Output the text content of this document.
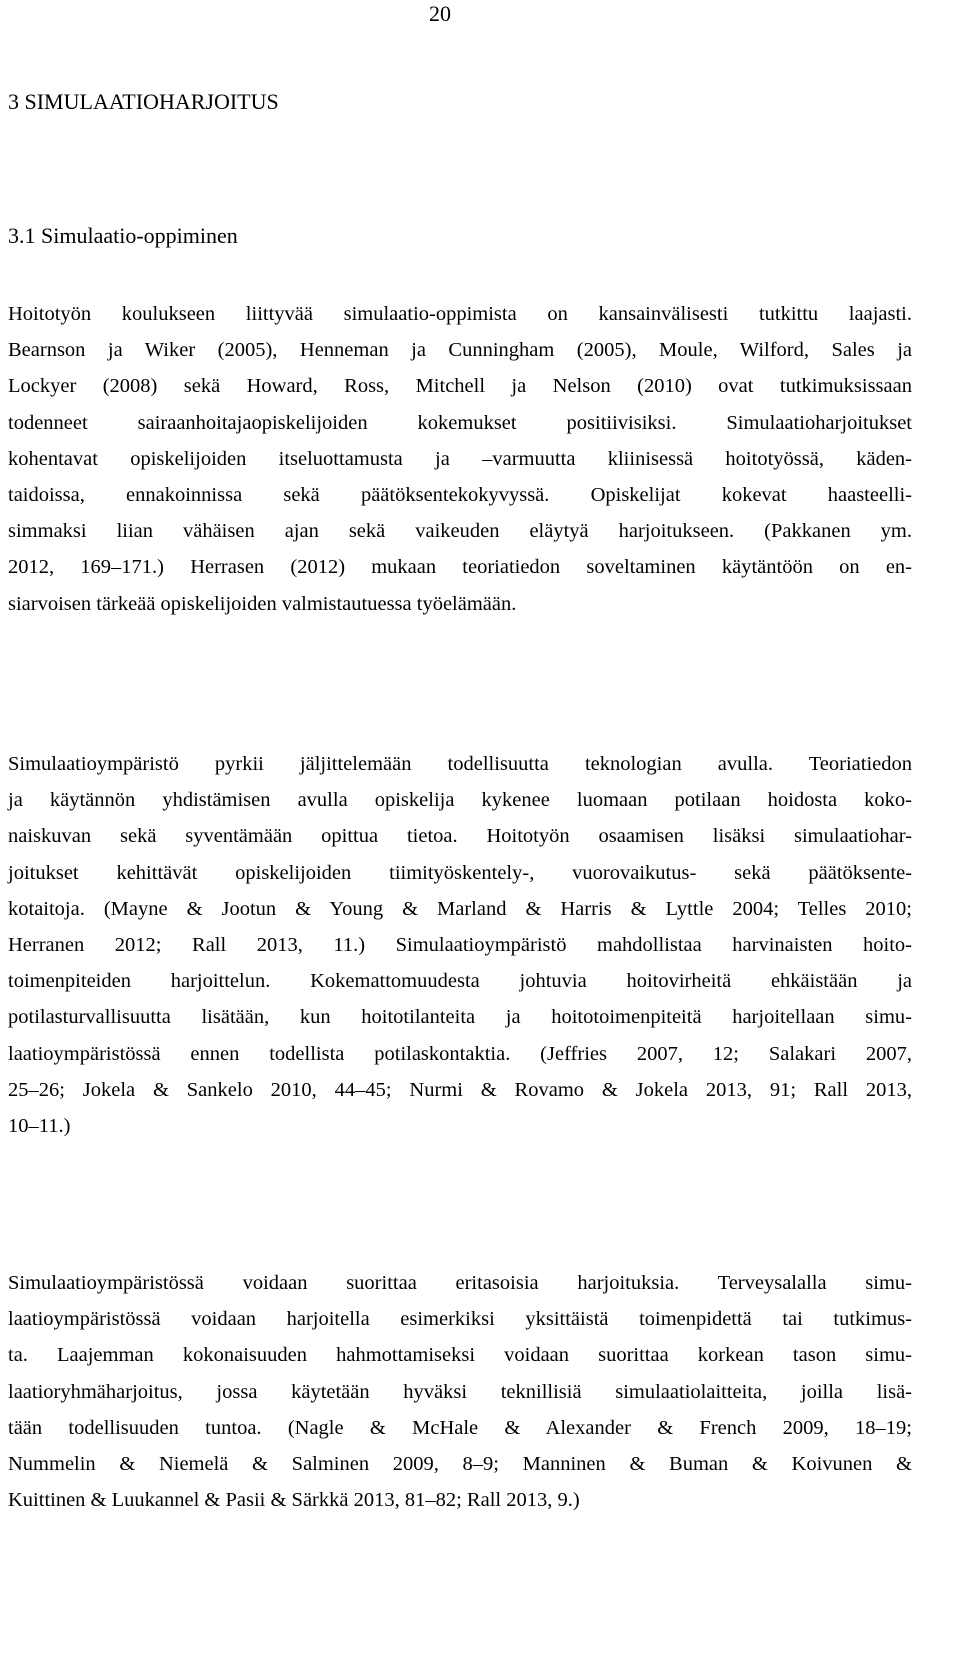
20
3 SIMULAATIOHARJOITUS
3.1 Simulaatio-oppiminen
Hoitotyön koulukseen liittyvää simulaatio-oppimista on kansainvälisesti tutkittu laajasti.
Bearnson ja Wiker (2005), Henneman ja Cunningham (2005), Moule, Wilford, Sales ja
Lockyer (2008) sekä Howard, Ross, Mitchell ja Nelson (2010) ovat tutkimuksissaan
todenneet sairaanhoitajaopiskelijoiden kokemukset positiivisiksi. Simulaatioharjoitukset
kohentavat opiskelijoiden itseluottamusta ja –varmuutta kliinisessä hoitotyössä, käden-
taidoissa, ennakoinnissa sekä päätöksentekokyvyssä. Opiskelijat kokevat haasteelli-
simmaksi liian vähäisen ajan sekä vaikeuden eläytyä harjoitukseen. (Pakkanen ym.
2012, 169–171.) Herrasen (2012) mukaan teoriatiedon soveltaminen käytäntöön on en-
siarvoisen tärkeää opiskelijoiden valmistautuessa työelämään.
Simulaatioympäristö pyrkii jäljittelemään todellisuutta teknologian avulla. Teoriatiedon
ja käytännön yhdistämisen avulla opiskelija kykenee luomaan potilaan hoidosta koko-
naiskuvan sekä syventämään opittua tietoa. Hoitotyön osaamisen lisäksi simulaatiohar-
joitukset kehittävät opiskelijoiden tiimityöskentely-, vuorovaikutus- sekä päätöksente-
kotaitoja. (Mayne & Jootun & Young & Marland & Harris & Lyttle 2004; Telles 2010;
Herranen 2012; Rall 2013, 11.) Simulaatioympäristö mahdollistaa harvinaisten hoito-
toimenpiteiden harjoittelun. Kokemattomuudesta johtuvia hoitovirheitä ehkäistään ja
potilasturvallisuutta lisätään, kun hoitotilanteita ja hoitotoimenpiteitä harjoitellaan simu-
laatioympäristössä ennen todellista potilaskontaktia. (Jeffries 2007, 12; Salakari 2007,
25–26; Jokela & Sankelo 2010, 44–45; Nurmi & Rovamo & Jokela 2013, 91; Rall 2013,
10–11.)
Simulaatioympäristössä voidaan suorittaa eritasoisia harjoituksia. Terveysalalla simu-
laatioympäristössä voidaan harjoitella esimerkiksi yksittäistä toimenpidettä tai tutkimus-
ta. Laajemman kokonaisuuden hahmottamiseksi voidaan suorittaa korkean tason simu-
laatioryhmäharjoitus, jossa käytetään hyväksi teknillisiä simulaatiolaitteita, joilla lisä-
tään todellisuuden tuntoa. (Nagle & McHale & Alexander & French 2009, 18–19;
Nummelin & Niemelä & Salminen 2009, 8–9; Manninen & Buman & Koivunen &
Kuittinen & Luukannel & Pasii & Särkkä 2013, 81–82; Rall 2013, 9.)
